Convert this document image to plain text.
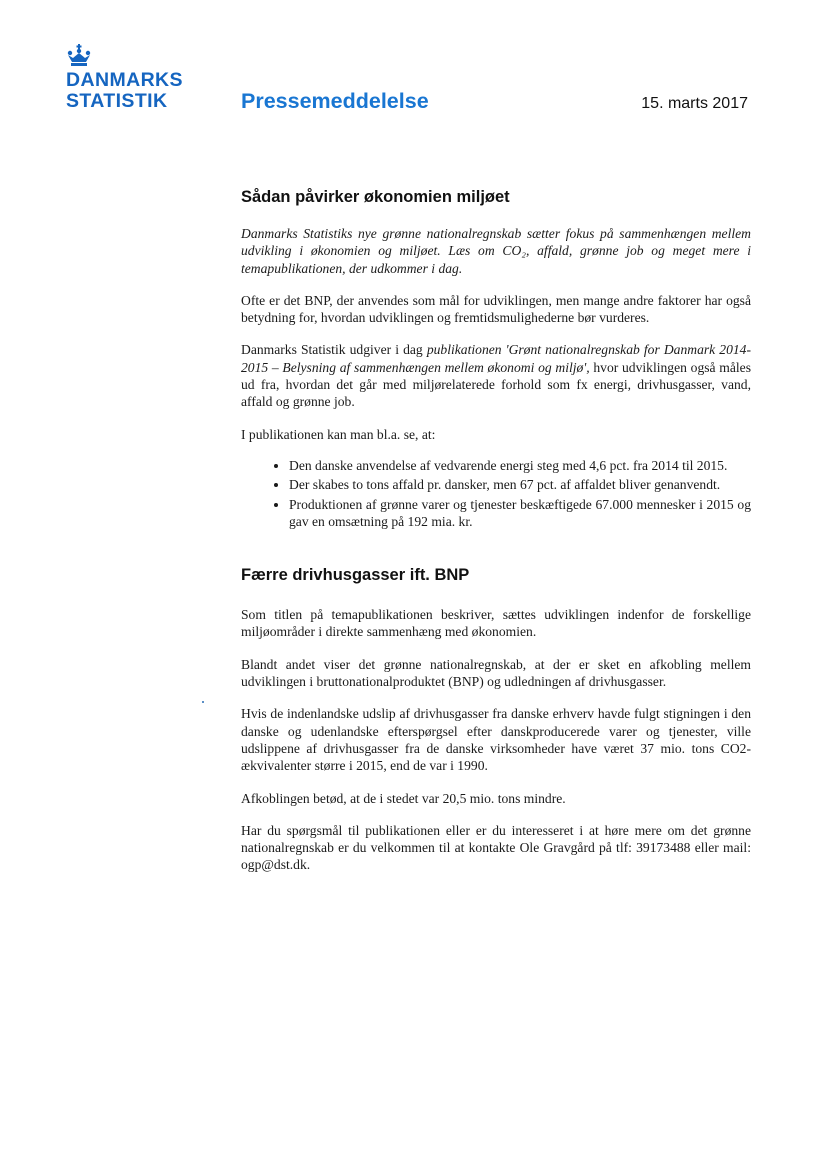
DANMARKS
STATISTIK	Pressemeddelelse	15. marts 2017
Sådan påvirker økonomien miljøet

Danmarks Statistiks nye grønne nationalregnskab sætter fokus på sammenhængen mellem udvikling i økonomien og miljøet. Læs om CO₂, affald, grønne job og meget mere i temapublikationen, der udkommer i dag.

Ofte er det BNP, der anvendes som mål for udviklingen, men mange andre faktorer har også betydning for, hvordan udviklingen og fremtidsmulighederne bør vurderes.

Danmarks Statistik udgiver i dag publikationen 'Grønt nationalregnskab for Danmark 2014-2015 – Belysning af sammenhængen mellem økonomi og miljø', hvor udviklingen også måles ud fra, hvordan det går med miljørelaterede forhold som fx energi, drivhusgasser, vand, affald og grønne job.

I publikationen kan man bl.a. se, at:

• Den danske anvendelse af vedvarende energi steg med 4,6 pct. fra 2014 til 2015.
• Der skabes to tons affald pr. dansker, men 67 pct. af affaldet bliver genanvendt.
• Produktionen af grønne varer og tjenester beskæftigede 67.000 mennesker i 2015 og gav en omsætning på 192 mia. kr.
Færre drivhusgasser ift. BNP

Som titlen på temapublikationen beskriver, sættes udviklingen indenfor de forskellige miljøområder i direkte sammenhæng med økonomien.

Blandt andet viser det grønne nationalregnskab, at der er sket en afkobling mellem udviklingen i bruttonationalproduktet (BNP) og udledningen af drivhusgasser.

Hvis de indenlandske udslip af drivhusgasser fra danske erhverv havde fulgt stigningen i den danske og udenlandske efterspørgsel efter danskproducerede varer og tjenester, ville udslippene af drivhusgasser fra de danske virksomheder have været 37 mio. tons CO2-ækvivalenter større i 2015, end de var i 1990.

Afkoblingen betød, at de i stedet var 20,5 mio. tons mindre.

Har du spørgsmål til publikationen eller er du interesseret i at høre mere om det grønne nationalregnskab er du velkommen til at kontakte Ole Gravgård på tlf: 39173488 eller mail: ogp@dst.dk.
